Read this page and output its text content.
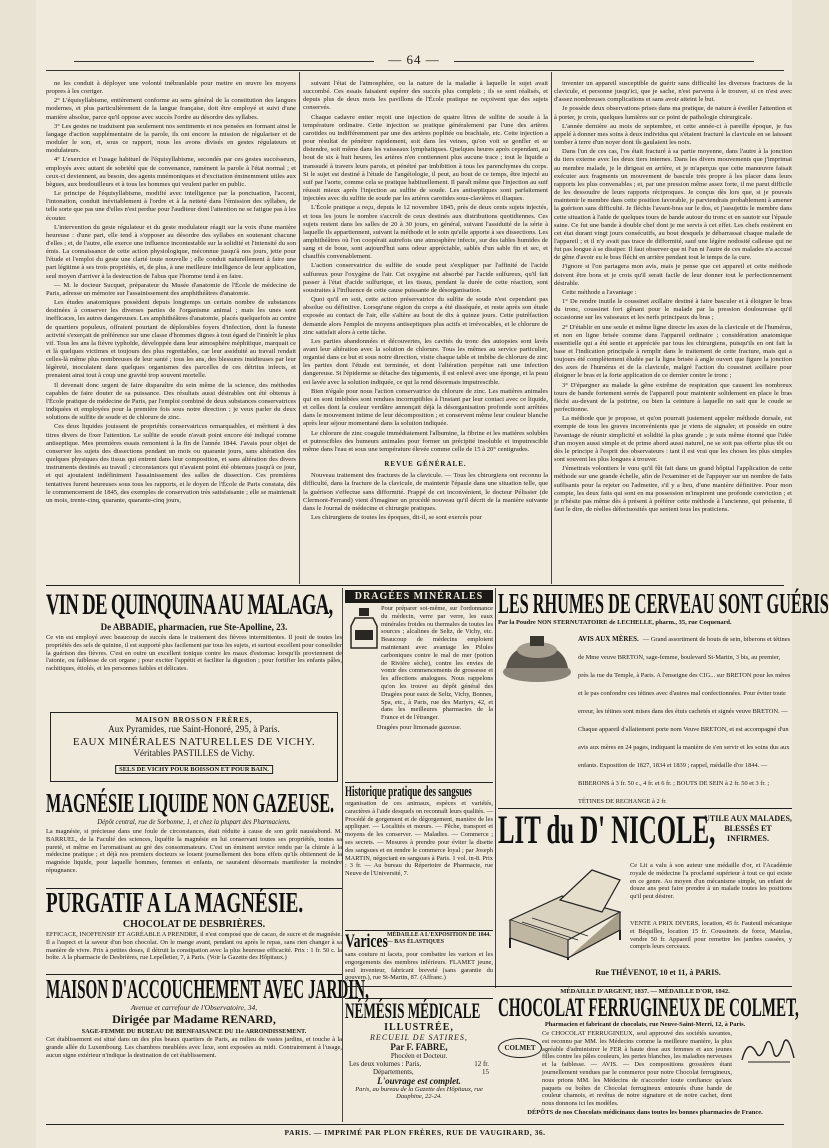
— 64 —

ne les conduit à déployer une volonté inébranlable pour mettre en œuvre les moyens propres à les corriger.

2° L'équisyllabisme, entièrement conforme au sens général de la constitution des langues modernes, et plus particulièrement de la langue française, doit être employé et suivi d'une manière absolue, parce qu'il oppose avec succès l'ordre au désordre des syllabes.

3° Les gestes ne traduisent pas seulement nos sentiments et nos pensées en formant ainsi le langage d'action supplémentaire de la parole, ils ont encore la mission de régulariser et de moduler le son, et, sous ce rapport, nous les avons divisés en gestes régulateurs et modulateurs.

4° L'exercice et l'usage habituel de l'équisyllabisme, secondés par ces gestes succésseurs, employés avec autant de sobriété que de convenance, ramènent la parole à l'état normal ; et ceux-ci deviennent, au besoin, des agents mnémoniques et d'excitation éminemment utiles aux bègues, aux bredouilleurs et à tous les hommes qui veulent parler en public.

Le principe de l'équisyllabisme, modifié avec intelligence par la ponctuation, l'accent, l'intonation, conduit inévitablement à l'ordre et à la netteté dans l'émission des syllabes, de telle sorte que pas une d'elles n'est perdue pour l'auditeur dont l'attention ne se fatigue pas à les écouter.

L'intervention du geste régulateur et du geste modulateur réagit sur la voix d'une manière heureuse : d'une part, elle tend à s'opposer au désordre des syllabes en soutenant chacune d'elles ; et, de l'autre, elle exerce une influence incontestable sur la solidité et l'intensité du son émis. La connaissance de cette action physiologique, méconnue jusqu'à nos jours, jette pour l'étude et l'emploi du geste une clarté toute nouvelle ; elle conduit naturellement à faire une part légitime à ses trois propriétés, et, de plus, à une meilleure intelligence de leur application, seul moyen d'arriver à la destruction de l'abus que l'homme tend à en faire.

— M. le docteur Sucquet, préparateur du Musée d'anatomie de l'École de médecine de Paris, adresse un mémoire sur l'assainissement des amphithéâtres d'anatomie.

Les études anatomiques possèdent depuis longtemps un certain nombre de substances destinées à conserver les diverses parties de l'organisme animal ; mais les unes sont inefficaces, les autres dangereuses. Les amphithéâtres d'anatomie, placés quelquefois au centre de quartiers populeux, offraient pourtant de déplorables foyers d'infection, dont la funeste activité s'exerçait de préférence sur une classe d'hommes dignes à tout égard de l'intérêt le plus vif. Tous les ans la fièvre typhoïde, développée dans leur atmosphère méphitique, marquait ce et là quelques victimes et toujours des plus regrettables, car leur assiduité au travail rendait celles-là même plus nombreuses de leur santé ; tous les ans, des blessures insidieuses par leur légèreté, inoculaient dans quelques organismes des parcelles de ces détritus infects, et prenaient ainsi tout à coup une gravité trop souvent mortelle.

Il devenait donc urgent de faire disparaître du sein même de la science, des méthodes capables de faire douter de sa puissance. Des résultats aussi désirables ont été obtenus à l'École pratique de médecine de Paris, par l'emploi combiné de deux substances conservatrices indiquées et employées pour la première fois sous notre direction ; je veux parler du deux solutions de sulfite de soude et de chlorure de zinc.

Ces deux liquides jouissent de propriétés conservatrices remarquables, et méritent à des titres divers de fixer l'attention. Le sulfite de soude n'avait point encore été indiqué comme antiseptique. Mes premières essais remontent à la fin de l'année 1844. J'avais pour objet de conserver les sujets des dissections pendant un mois ou quarante jours, sans altération des quelques physiques des tissus qui entrent dans leur composition, et sans altération des divers instruments destinés au travail ; circonstances qui n'avaient point été obtenues jusqu'à ce jour, et qui ajoutaient indéfiniment l'assainissement des salles de dissection. Ces premières tentatives furent heureuses sous tous les rapports, et le doyen de l'École de Paris constata, dès le commencement de 1845, des exemples de conservation très satisfaisante ; elle se maintenait un mois, trente-cinq, quarante, quarante-cinq jours,

suivant l'état de l'atmosphère, ou la nature de la maladie à laquelle le sujet avait succombé. Ces essais faisaient espérer des succès plus complets ; ils se sont réalisés, et depuis plus de deux mois les pavillons de l'École pratique ne reçoivent que des sujets conservés.

Chaque cadavre entier reçoit une injection de quatre litres de sulfite de soude à la température ordinaire. Cette injection se pratique généralement par l'une des artères carotides ou indifféremment par une des artères poplitée ou brachiale, etc. Cette injection a pour résultat de pénétrer rapidement, soit dans les veines, qu'on voit se gonfler et se distendre, soit même dans les vaisseaux lymphatiques. Quelques heures après cependant, au bout de six à huit heures, les artères n'en contiennent plus aucune trace ; tout le liquide a transsudé à travers leurs parois, et pénétré par imbibition à tous les parenchymes du corps. Si le sujet est destiné à l'étude de l'angéiologie, il peut, au bout de ce temps, être injecté au suif par l'aorte, comme cela se pratique habituellement. Il paraît même que l'injection au suif réussit mieux après l'injection au sulfite de soude. Les antiseptiques sont parfaitement injectées avec du sulfite de soude par les artères carotides sous-clavières et iliaques.

L'École pratique a reçu, depuis le 12 novembre 1845, près de deux cents sujets injectés, et tous les jours le nombre s'accroît de ceux destinés aux distributions quotidiennes. Ces sujets restent dans les salles de 20 à 30 jours, en général, suivant l'assiduité de la série à laquelle ils appartiennent, suivant la méthode et le soin qu'elle apporte à ses dissections. Les amphithéâtres où l'on coopérait autrefois une atmosphère infecte, sur des tables humides de sang et de boue, sont aujourd'hui sans odeur appréciable, sablés d'un sable fin et sec, et chauffés convenablement.

L'action conservatrice du sulfite de soude peut s'expliquer par l'affinité de l'acide sulfureux pour l'oxygène de l'air. Cet oxygène est absorbé par l'acide sulfureux, qu'il fait passer à l'état d'acide sulfurique, et les tissus, pendant la durée de cette réaction, sont soustraites à l'influence de cette cause puissante de désorganisation.

Quoi qu'il en soit, cette action préservatrice du sulfite de soude n'est cependant pas absolue ou définitive. Lorsqu'une région du corps a été disséquée, et reste après son étude exposée au contact de l'air, elle s'altère au bout de dix à quinze jours. Cette putréfaction demande alors l'emploi de moyens antiseptiques plus actifs et irrévocables, et le chlorure de zinc satisfait alors à cette tâche.

Les parties abandonnées et découvertes, les cavités du tronc des autopsies sont lavés avant leur altération avec la solution de chlorure. Tous les mêmes au service particulier, organisé dans ce but et sous notre direction, visite chaque table et imbibe de chlorure de zinc les parties dont l'étude est terminée, et dont l'altération perpétue rait une infection dangereuse. Si l'épiderme se détache des téguments, il est enlevé avec une éponge, et la peau est lavée avec la solution indiquée, ce qui la rend désormais imputrescible.

Bien n'égale pour nous l'action conservatrice du chlorure de zinc. Les matières animales qui en sont imbibées sont rendues incorruptibles à l'instant par leur contact avec ce liquide, et celles dont la couleur verdâtre annonçait déjà la désorganisation profonde sont arrêtées dans le mouvement intime de leur décomposition ; et conservent même leur couleur blanche après leur séjour momentané dans la solution indiquée.

Le chlorure de zinc coagule immédiatement l'albumine, la fibrine et les matières solubles et putrescibles des humeurs animales pour former un précipité insoluble et imputrescible même dans l'eau et sous une température élevée comme celle de 15 à 20° centigrades.

REVUE GÉNÉRALE.

Nouveau traitement des fractures de la clavicule. — Tous les chirurgiens ont reconnu la difficulté, dans la fracture de la clavicule, de maintenir l'épaule dans une situation telle, que la guérison s'effectue sans difformité. Frappé de cet inconvénient, le docteur Pélissier (de Clermont-Ferrand) vient d'imaginer un procédé nouveau qu'il décrit de la manière suivante dans le Journal de médecine et chirurgie pratiques.

Les chirurgiens de toutes les époques, dit-il, se sont exercés pour

inventer un appareil susceptible de guérir sans difficulté les diverses fractures de la clavicule, et personne jusqu'ici, que je sache, n'est parvenu à le trouver, si ce n'est avec d'assez nombreuses complications et sans avoir atteint le but.

Je possède deux observations prises dans ma pratique, de nature à éveiller l'attention et à porter, je crois, quelques lumières sur ce point de pathologie chirurgicale.

L'année dernière au mois de septembre, et cette année-ci à pareille époque, je fus appelé à donner mes soins à deux individus qui s'étaient fracturé la clavicule en se laissant tomber à terre d'un noyer dont ils gaulaient les noix.

Dans l'un de ces cas, l'os était fracturé à sa partie moyenne, dans l'autre à la jonction du tiers externe avec les deux tiers internes. Dans les divers mouvements que j'imprimai au membre malade, je le dirigeai en arrière, et je m'aperçus que cette manœuvre faisait exécuter aux fragments un mouvement de bascule très propre à les placer dans leurs rapports les plus convenables ; et, par une pression même assez forte, il me parut difficile de les dessoudre de leurs rapports réciproques. Je conçus dès lors que, si je pouvais maintenir le membre dans cette position favorable, je parviendrais probablement à amener la guérison sans difficulté. Je fléchis l'avant-bras sur le dos, et j'assujettis le membre dans cette situation à l'aide de quelques tours de bande autour du tronc et en sautoir sur l'épaule saine. Ce fut une bande à double chef dont je me servis à cet effet. Les chefs restèrent en cet état durant vingt jours consécutifs, au bout desquels je débarrassai chaque malade de l'appareil ; et il n'y avait pas trace de difformité, sauf une légère nodosité calleuse qui ne fut pas longue à se dissiper. Il faut observer que ni l'un ni l'autre de ces malades n'a accusé de gêne d'avoir eu le bras fléchi en arrière pendant tout le temps de la cure.

J'ignore si l'on partagera mon avis, mais je pense que cet appareil et cette méthode doivent être bons et je crois qu'il serait facile de leur donner tout le perfectionnement désirable.

Cette méthode a l'avantage :

1° De rendre inutile le coussinet axillaire destiné à faire basculer et à éloigner le bras du tronc, coussinet fort gênant pour le malade par la pression douloureuse qu'il occasionne sur les vaisseaux et les nerfs principaux du bras ;

2° D'établir en une seule et même ligne directe les axes de la clavicule et de l'humérus, et non en ligne brisée comme dans l'appareil ordinaire ; considération anatomique essentielle qui a été sentie et appréciée par tous les chirurgiens, puisqu'ils en ont fait la base et l'indication principale à remplir dans le traitement de cette fracture, mais qui a toujours été complètement éludée par la ligne brisée à angle ouvert que figure la jonction des axes de l'humérus et de la clavicule, malgré l'action du coussinet axillaire pour éloigner le bras et la forte application de ce dernier contre le tronc ;

3° D'épargner au malade la gêne extrême de respiration que causent les nombreux tours de bande fortement serrés de l'appareil pour maintenir solidement en place le bras fléchi au-devant de la poitrine, ou bien la ceinture à laquelle on sait que le coude se perfectionne.

La méthode que je propose, et qu'on pourrait justement appeler méthode dorsale, est exempte de tous les graves inconvénients que je viens de signaler, et possède en outre l'avantage de réunir simplicité et solidité la plus grande ; je suis même étonné que l'idée d'un moyen aussi simple et de prime abord aussi naturel, ne se soit pas offerte plus tôt ou dès le principe à l'esprit des observateurs : tant il est vrai que les choses les plus simples sont souvent les plus longues à trouver.

J'émettrais volontiers le vœu qu'il fût fait dans un grand hôpital l'application de cette méthode sur une grande échelle, afin de l'examiner et de l'appuyer sur un nombre de faits suffisants pour la rejeter ou l'admettre, s'il y a lieu, d'une manière définitive. Pour mon compte, les deux faits qui sont en ma possession m'inspirent une profonde conviction ; et je n'hésite pas même dès à présent à préférer cette méthode à l'ancienne, qui présente, il faut le dire, de réelles défectuosités que sentent tous les praticiens.

VIN DE QUINQUINA AU MALAGA,
De ABBADIE, pharmacien, rue Ste-Apolline, 23.
Ce vin est employé avec beaucoup de succès dans le traitement des fièvres intermittentes. Il jouit de toutes les propriétés des sels de quinine, il est supporté plus facilement par tous les sujets, et surtout excellent pour consolider la guérison des fièvres. C'est en outre un excellent tonique contre les maux d'estomac lorsqu'ils proviennent de l'atonie, ou faiblesse de cet organe ; pour exciter l'appétit et faciliter la digestion ; pour fortifier les enfants pâles, rachitiques, étiolés, et les personnes faibles et délicates.
MAISON BROSSON FRÈRES,
Aux Pyramides, rue Saint-Honoré, 295, à Paris.
EAUX MINÉRALES NATURELLES DE VICHY.
Véritables PASTILLES de Vichy.
SELS DE VICHY POUR BOISSON ET POUR BAIN.
MAGNÉSIE LIQUIDE NON GAZEUSE.
Dépôt central, rue de Sorbonne, 1, et chez la plupart des Pharmaciens.
La magnésie, si précieuse dans une foule de circonstances, était réduite à cause de son goût nauséabond. M. BARRUEL, de la Faculté des sciences, liquéfie la magnésie en lui conservant toutes ses propriétés, toutes sa pureté, et même en l'aromatisant au gré des consommateurs. C'est un éminent service rendu par la chimie à la médecine pratique ; et déjà nos premiers docteurs se louent journellement des bons effets qu'ils obtiennent de la magnésie liquide, pour laquelle hommes, femmes et enfants, ne sauraient désormais manifester la moindre répugnance.
PURGATIF A LA MAGNÉSIE.
CHOCOLAT DE DESBRIÈRES.
EFFICACE, INOFFENSIF ET AGRÉABLE A PRENDRE, il n'est composé que de cacao, de sucre et de magnésie. Il a l'aspect et la saveur d'un bon chocolat. On le mange avant, pendant ou après le repas, sans rien changer à sa manière de vivre. Prix à petites doses, il détruit la constipation avec la plus heureuse efficacité. Prix : 1 fr. 50 c. la boîte. A la pharmacie de Desbrières, rue Lepelletier, 7, à Paris. (Voir la Gazette des Hôpitaux.)
MAISON D'ACCOUCHEMENT AVEC JARDIN,
Avenue et carrefour de l'Observatoire, 34,
Dirigée par Madame RENARD,
SAGE-FEMME DU BUREAU DE BIENFAISANCE DU 11e ARRONDISSEMENT.
Cet établissement est situé dans un des plus beaux quartiers de Paris, au milieu de vastes jardins, et touche à la grande allée du Luxembourg. Les chambres meublées avec luxe, sont exposées au midi. Contrairement à l'usage, aucun signe extérieur n'indique la destination de cet établissement.
DRAGÉES MINÉRALES
Pour préparer soi-même, sur l'ordonnance du médecin, verre par verre, les eaux minérales froides ou thermales de toutes les sources ; alcalines de Seltz, de Vichy, etc. Beaucoup de médecins emploient maintenant avec avantage les Pilules carboniques contre le mal de mer (potion de Rivière sèche), contre les envies de vomir des commencements de grossesse et les affections analogues. Nous rappelons qu'on les trouve au dépôt général des Dragées pour eaux de Seltz, Vichy, Bonnes, Spa, etc., à Paris, rue des Martyrs, 42, et dans les meilleures pharmacies de la France et de l'étranger.
Dragées pour limonade gazeuse.
Historique pratique des sangsues
organisation de ces animaux, espèces et variétés, caractères à l'aide desquels on reconnaît leurs qualités. — Procédé de gorgement et de dégorgement, manière de les appliquer. — Localités et mœurs. — Pêche, transport et moyens de les conserver. — Maladies. — Commerce ; ses secrets. — Mesures à prendre pour éviter la disette des sangsues et en rendre le commerce loyal ; par Joseph MARTIN, négociant en sangsues à Paris. 1 vol. in-8. Prix : 3 fr. — Au bureau du Répertoire de Pharmacie, rue Neuve de l'Université, 7.
Varices MÉDAILLE A L'EXPOSITION DE 1844. — BAS ÉLASTIQUES
sans couture ni lacets, pour combattre les varices et les engorgements des membres inférieurs. FLAMET jeune, seul inventeur, fabricant breveté (sans garantie du gouvern.), rue St-Martin, 87. (Affranc.)
NÉMÉSIS MÉDICALE
ILLUSTRÉE,
RECUEIL DE SATIRES,
Par F. FABRE,
Phocéen et Docteur.
Les deux volumes : Paris,	12 fr.
Départements,	15
L'ouvrage est complet.
Paris, au bureau de la Gazette des Hôpitaux, rue Dauphine, 22-24.
LES RHUMES DE CERVEAU SONT GUÉRIS
Par la Poudre NON STERNUTATOIRE de LECHELLE, pharm., 35, rue Coquenard.
AVIS AUX MÈRES. — Grand assortiment de bouts de sein, biberons et tétines de Mme veuve BRETON, sage-femme, boulevard St-Martin, 3 bis, au premier, près la rue du Temple, à Paris. A l'enseigne des CIG... sur BRETON pour les mères et le pas confondre ces tétines avec d'autres mal confectionnées. Pour éviter toute erreur, les tétines sont mises dans des étuis cachetés et signés veuve BRETON. — Chaque appareil d'allaitement porte nom Veuve BRETON, et est accompagné d'un avis aux mères en 24 pages, indiquant la manière de s'en servir et les soins dus aux enfants. Exposition de 1827, 1834 et 1839 ; rappel, médaille d'or 1844. — BIBERONS à 3 fr. 50 c., 4 fr. et 6 fr. ; BOUTS DE SEIN à 2 fr. 50 et 3 fr. ; TÉTINES DE RECHANGE à 2 fr.
LIT du D' NICOLE,
UTILE AUX MALADES, BLESSÉS ET INFIRMES.
Ce Lit a valu à son auteur une médaille d'or, et l'Académie royale de médecine l'a proclamé supérieur à tout ce qui existe en ce genre. Au moyen d'un mécanisme simple, un enfant de douze ans peut faire prendre à un malade toutes les positions qu'il peut désirer.
VENTE A PRIX DIVERS, location, 45 fr. Fauteuil mécanique et Béquilles, location 15 fr. Coussinets de force, Matelas, vendre 50 fr. Appareil pour remettre les jambes cassées, y compris leurs cerceaux.
Rue THÉVENOT, 10 et 11, à PARIS.
MÉDAILLE D'ARGENT, 1837. — MÉDAILLE D'OR, 1842.
CHOCOLAT FERRUGINEUX DE COLMET,
Pharmacien et fabricant de chocolats, rue Neuve-Saint-Merri, 12, à Paris.
COLMET
Ce CHOCOLAT FERRUGINEUX, seul approuvé des sociétés savantes, est reconnu par MM. les Médecins comme la meilleure manière, la plus agréable d'administrer le FER à haute dose aux femmes et aux jeunes filles contre les pâles couleurs, les pertes blanches, les maladies nerveuses et la faiblesse. — AVIS. — Des compositions grossières étant journellement vendues par le commerce pour notre Chocolat ferrugineux, nous prions MM. les Médecins de n'accorder toute confiance qu'aux paquets ou boîtes de Chocolat ferrugineux entourés d'une bande de couleur chamois, et revêtus de notre signature et de notre cachet, dont nous donnons ici les modèles.
DÉPÔTS de nos Chocolats médicinaux dans toutes les bonnes pharmacies de France.
PARIS. — IMPRIMÉ PAR PLON FRÈRES, RUE DE VAUGIRARD, 36.
